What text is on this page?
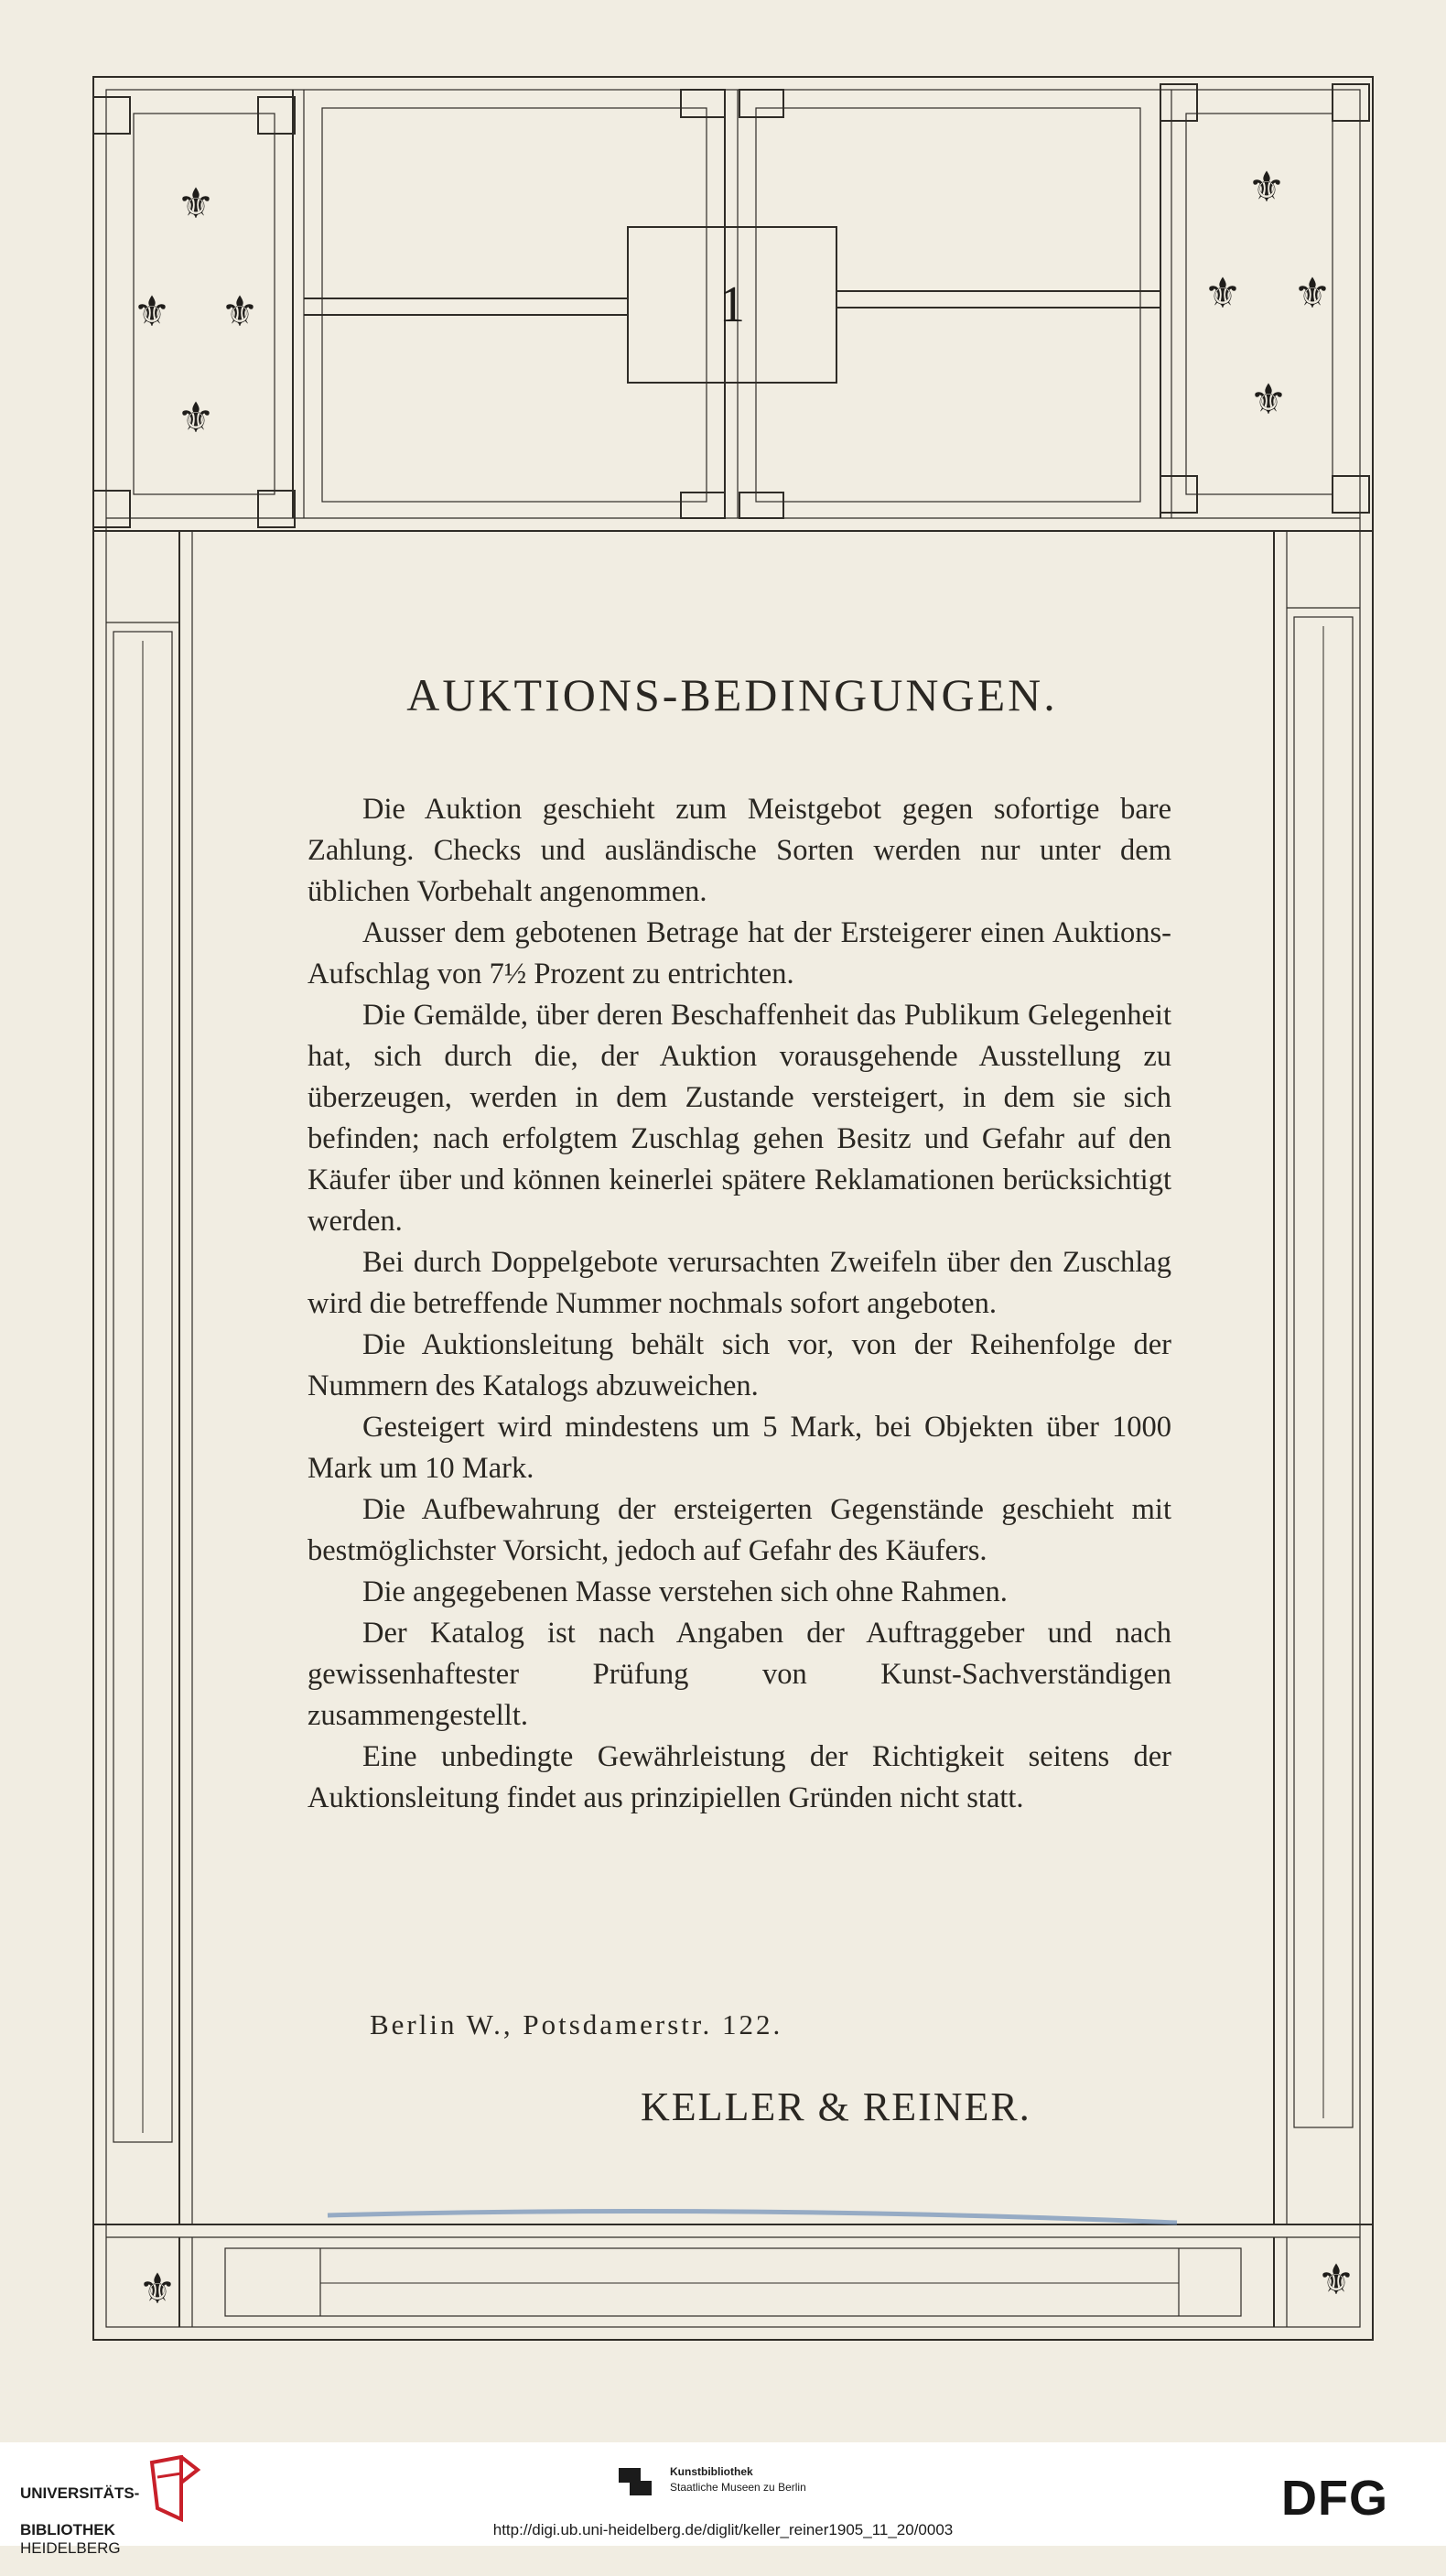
1
⚜
⚜ ⚜
⚜
⚜
⚜ ⚜
⚜
⚜	⚜
AUKTIONS-BEDINGUNGEN.

Die Auktion geschieht zum Meistgebot gegen sofortige bare Zahlung. Checks und ausländische Sorten werden nur unter dem üblichen Vorbehalt angenommen.

Ausser dem gebotenen Betrage hat der Ersteigerer einen Auktions-Aufschlag von 7½ Prozent zu entrichten.

Die Gemälde, über deren Beschaffenheit das Publikum Gelegenheit hat, sich durch die, der Auktion vorausgehende Ausstellung zu überzeugen, werden in dem Zustande versteigert, in dem sie sich befinden; nach erfolgtem Zuschlag gehen Besitz und Gefahr auf den Käufer über und können keinerlei spätere Reklamationen berücksichtigt werden.

Bei durch Doppelgebote verursachten Zweifeln über den Zuschlag wird die betreffende Nummer nochmals sofort angeboten.

Die Auktionsleitung behält sich vor, von der Reihenfolge der Nummern des Katalogs abzuweichen.

Gesteigert wird mindestens um 5 Mark, bei Objekten über 1000 Mark um 10 Mark.

Die Aufbewahrung der ersteigerten Gegenstände geschieht mit bestmöglichster Vorsicht, jedoch auf Gefahr des Käufers.

Die angegebenen Masse verstehen sich ohne Rahmen.

Der Katalog ist nach Angaben der Auftraggeber und nach gewissenhaftester Prüfung von Kunst-Sachverständigen zusammengestellt.

Eine unbedingte Gewährleistung der Richtigkeit seitens der Auktionsleitung findet aus prinzipiellen Gründen nicht statt.

Berlin W., Potsdamerstr. 122.
KELLER & REINER.

UNIVERSITÄTS-

BIBLIOTHEK

HEIDELBERG

Kunstbibliothek
Staatliche Museen zu Berlin	DFG
http://digi.ub.uni-heidelberg.de/diglit/keller_reiner1905_11_20/0003
